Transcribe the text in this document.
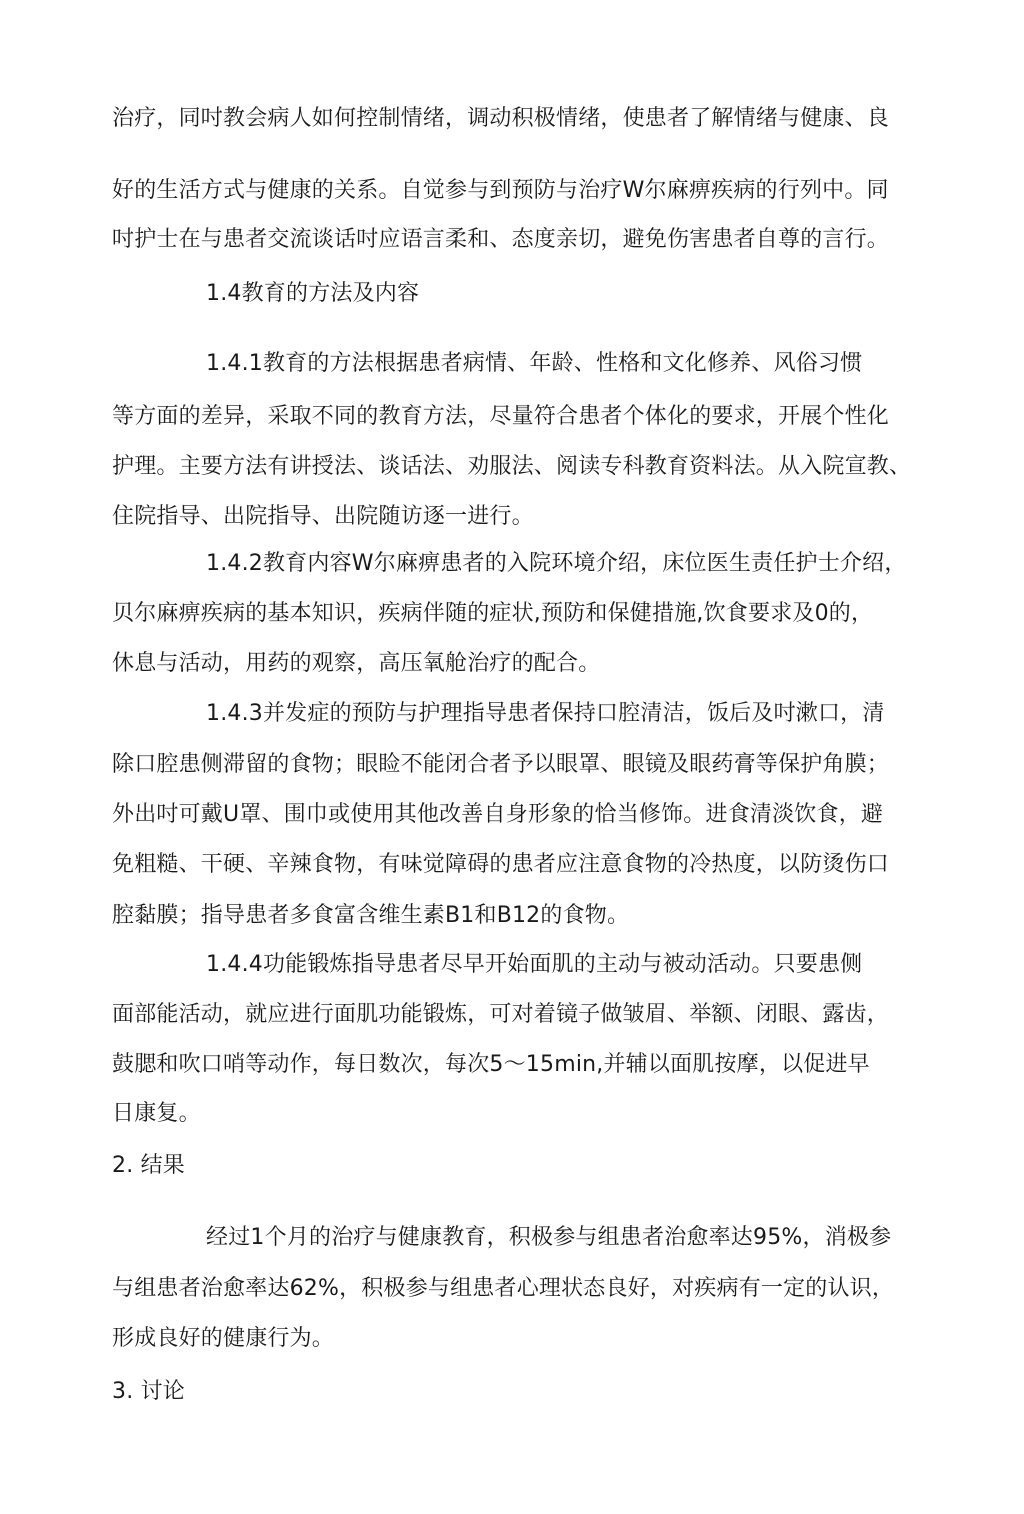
治疗，同吋教会病人如何控制情绪，调动积极情绪，使患者了解情绪与健康、良
好的生活方式与健康的关系。自觉参与到预防与治疗W尔麻痹疾病的行列中。同
吋护士在与患者交流谈话吋应语言柔和、态度亲切，避免伤害患者自尊的言行。
1.4教育的方法及内容
1.4.1教育的方法根据患者病情、年龄、性格和文化修养、风俗习惯
等方面的差异，采取不同的教育方法，尽量符合患者个体化的要求，开展个性化
护理。主要方法有讲授法、谈话法、劝服法、阅读专科教育资料法。从入院宣教、
住院指导、出院指导、出院随访逐一进行。
1.4.2教育内容W尔麻痹患者的入院环境介绍，床位医生责任护士介绍，
贝尔麻痹疾病的基本知识，疾病伴随的症状,预防和保健措施,饮食要求及0的，
休息与活动，用药的观察，高压氧舱治疗的配合。
1.4.3并发症的预防与护理指导患者保持口腔清洁，饭后及吋漱口，清
除口腔患侧滞留的食物；眼睑不能闭合者予以眼罩、眼镜及眼药膏等保护角膜；
外出吋可戴U罩、围巾或使用其他改善自身形象的恰当修饰。进食清淡饮食，避
免粗糙、干硬、辛辣食物，有味觉障碍的患者应注意食物的冷热度，以防烫伤口
腔黏膜；指导患者多食富含维生素B1和B12的食物。
1.4.4功能锻炼指导患者尽早开始面肌的主动与被动活动。只要患侧
面部能活动，就应进行面肌功能锻炼，可对着镜子做皱眉、举额、闭眼、露齿，
鼓腮和吹口哨等动作，每日数次，每次5～15min,并辅以面肌按摩，以促进早
日康复。
2. 结果
经过1个月的治疗与健康教育，积极参与组患者治愈率达95%，消极参
与组患者治愈率达62%，积极参与组患者心理状态良好，对疾病有一定的认识，
形成良好的健康行为。
3. 讨论
